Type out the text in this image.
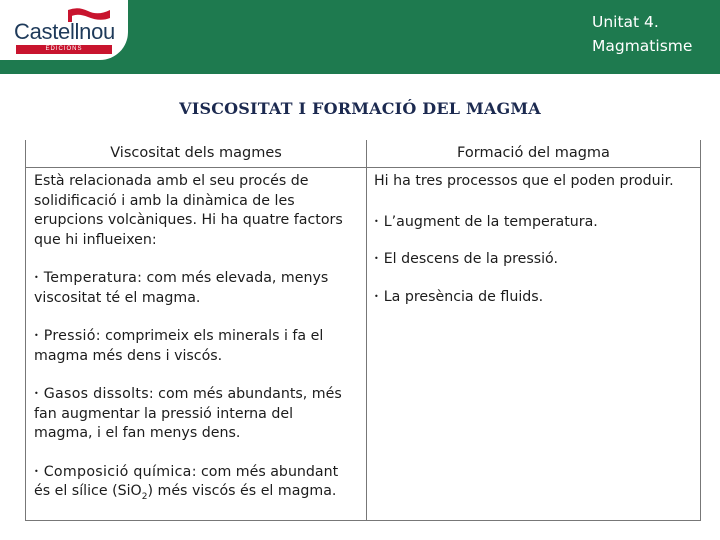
Castellnou
EDICIONS
Unitat 4.
Magmatisme
VISCOSITAT I FORMACIÓ DEL MAGMA
Viscositat dels magmes	Formació del magma

Està relacionada amb el seu procés de solidificació i amb la dinàmica de les erupcions volcàniques. Hi ha quatre factors que hi influeixen:

• Temperatura: com més elevada, menys viscositat té el magma.

• Pressió: comprimeix els minerals i fa el magma més dens i viscós.

• Gasos dissolts: com més abundants, més fan augmentar la pressió interna del magma, i el fan menys dens.

• Composició química: com més abundant és el sílice (SiO$_2$) més viscós és el magma.

Hi ha tres processos que el poden produir.

• L’augment de la temperatura.

• El descens de la pressió.

• La presència de fluids.
